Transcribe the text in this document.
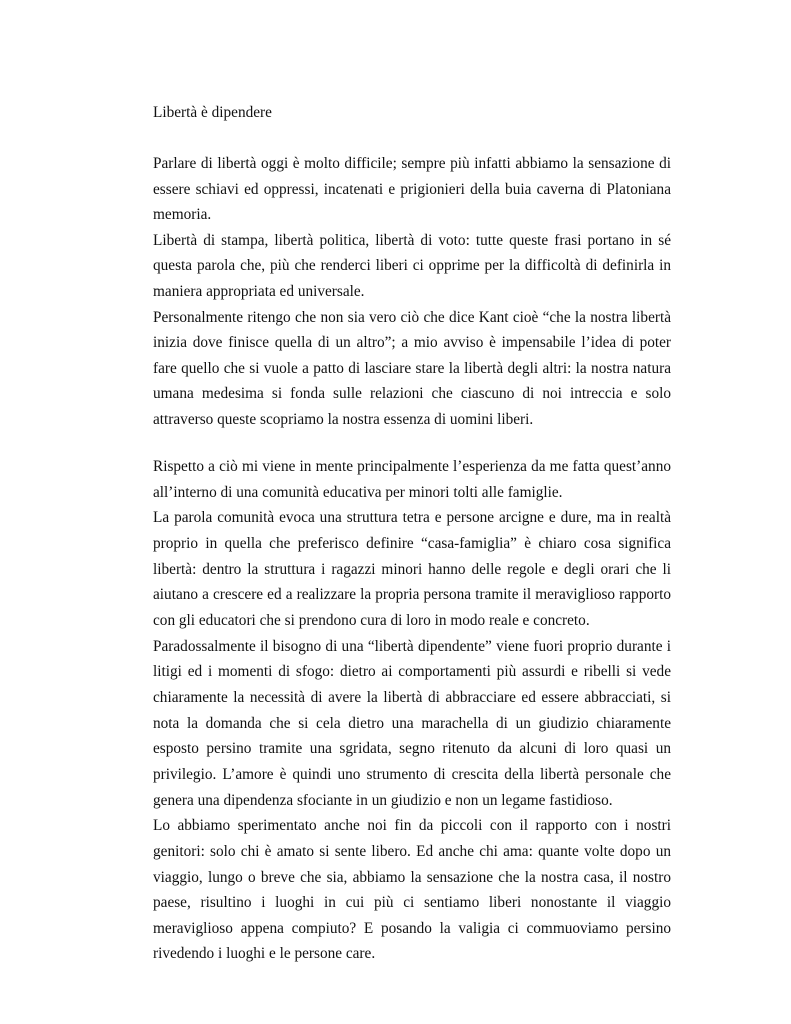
Libertà è dipendere

Parlare di libertà oggi è molto difficile; sempre più infatti abbiamo la sensazione di essere schiavi ed oppressi, incatenati e prigionieri della buia caverna di Platoniana memoria.

Libertà di stampa, libertà politica, libertà di voto: tutte queste frasi portano in sé questa parola che, più che renderci liberi ci opprime per la difficoltà di definirla in maniera appropriata ed universale.

Personalmente ritengo che non sia vero ciò che dice Kant cioè “che la nostra libertà inizia dove finisce quella di un altro”; a mio avviso è impensabile l’idea di poter fare quello che si vuole a patto di lasciare stare la libertà degli altri: la nostra natura umana medesima si fonda sulle relazioni che ciascuno di noi intreccia e solo attraverso queste scopriamo la nostra essenza di uomini liberi.

Rispetto a ciò mi viene in mente principalmente l’esperienza da me fatta quest’anno all’interno di una comunità educativa per minori tolti alle famiglie.

La parola comunità evoca una struttura tetra e persone arcigne e dure, ma in realtà proprio in quella che preferisco definire “casa-famiglia” è chiaro cosa significa libertà: dentro la struttura i ragazzi minori hanno delle regole e degli orari che li aiutano a crescere ed a realizzare la propria persona tramite il meraviglioso rapporto con gli educatori che si prendono cura di loro in modo reale e concreto.

Paradossalmente il bisogno di una “libertà dipendente” viene fuori proprio durante i litigi ed i momenti di sfogo: dietro ai comportamenti più assurdi e ribelli si vede chiaramente la necessità di avere la libertà di abbracciare ed essere abbracciati, si nota la domanda che si cela dietro una marachella di un giudizio chiaramente esposto persino tramite una sgridata, segno ritenuto da alcuni di loro quasi un privilegio. L’amore è quindi uno strumento di crescita della libertà personale che genera una dipendenza sfociante in un giudizio e non un legame fastidioso.

Lo abbiamo sperimentato anche noi fin da piccoli con il rapporto con i nostri genitori: solo chi è amato si sente libero. Ed anche chi ama: quante volte dopo un viaggio, lungo o breve che sia, abbiamo la sensazione che la nostra casa, il nostro paese, risultino i luoghi in cui più ci sentiamo liberi nonostante il viaggio meraviglioso appena compiuto? E posando la valigia ci commuoviamo persino rivedendo i luoghi e le persone care.
